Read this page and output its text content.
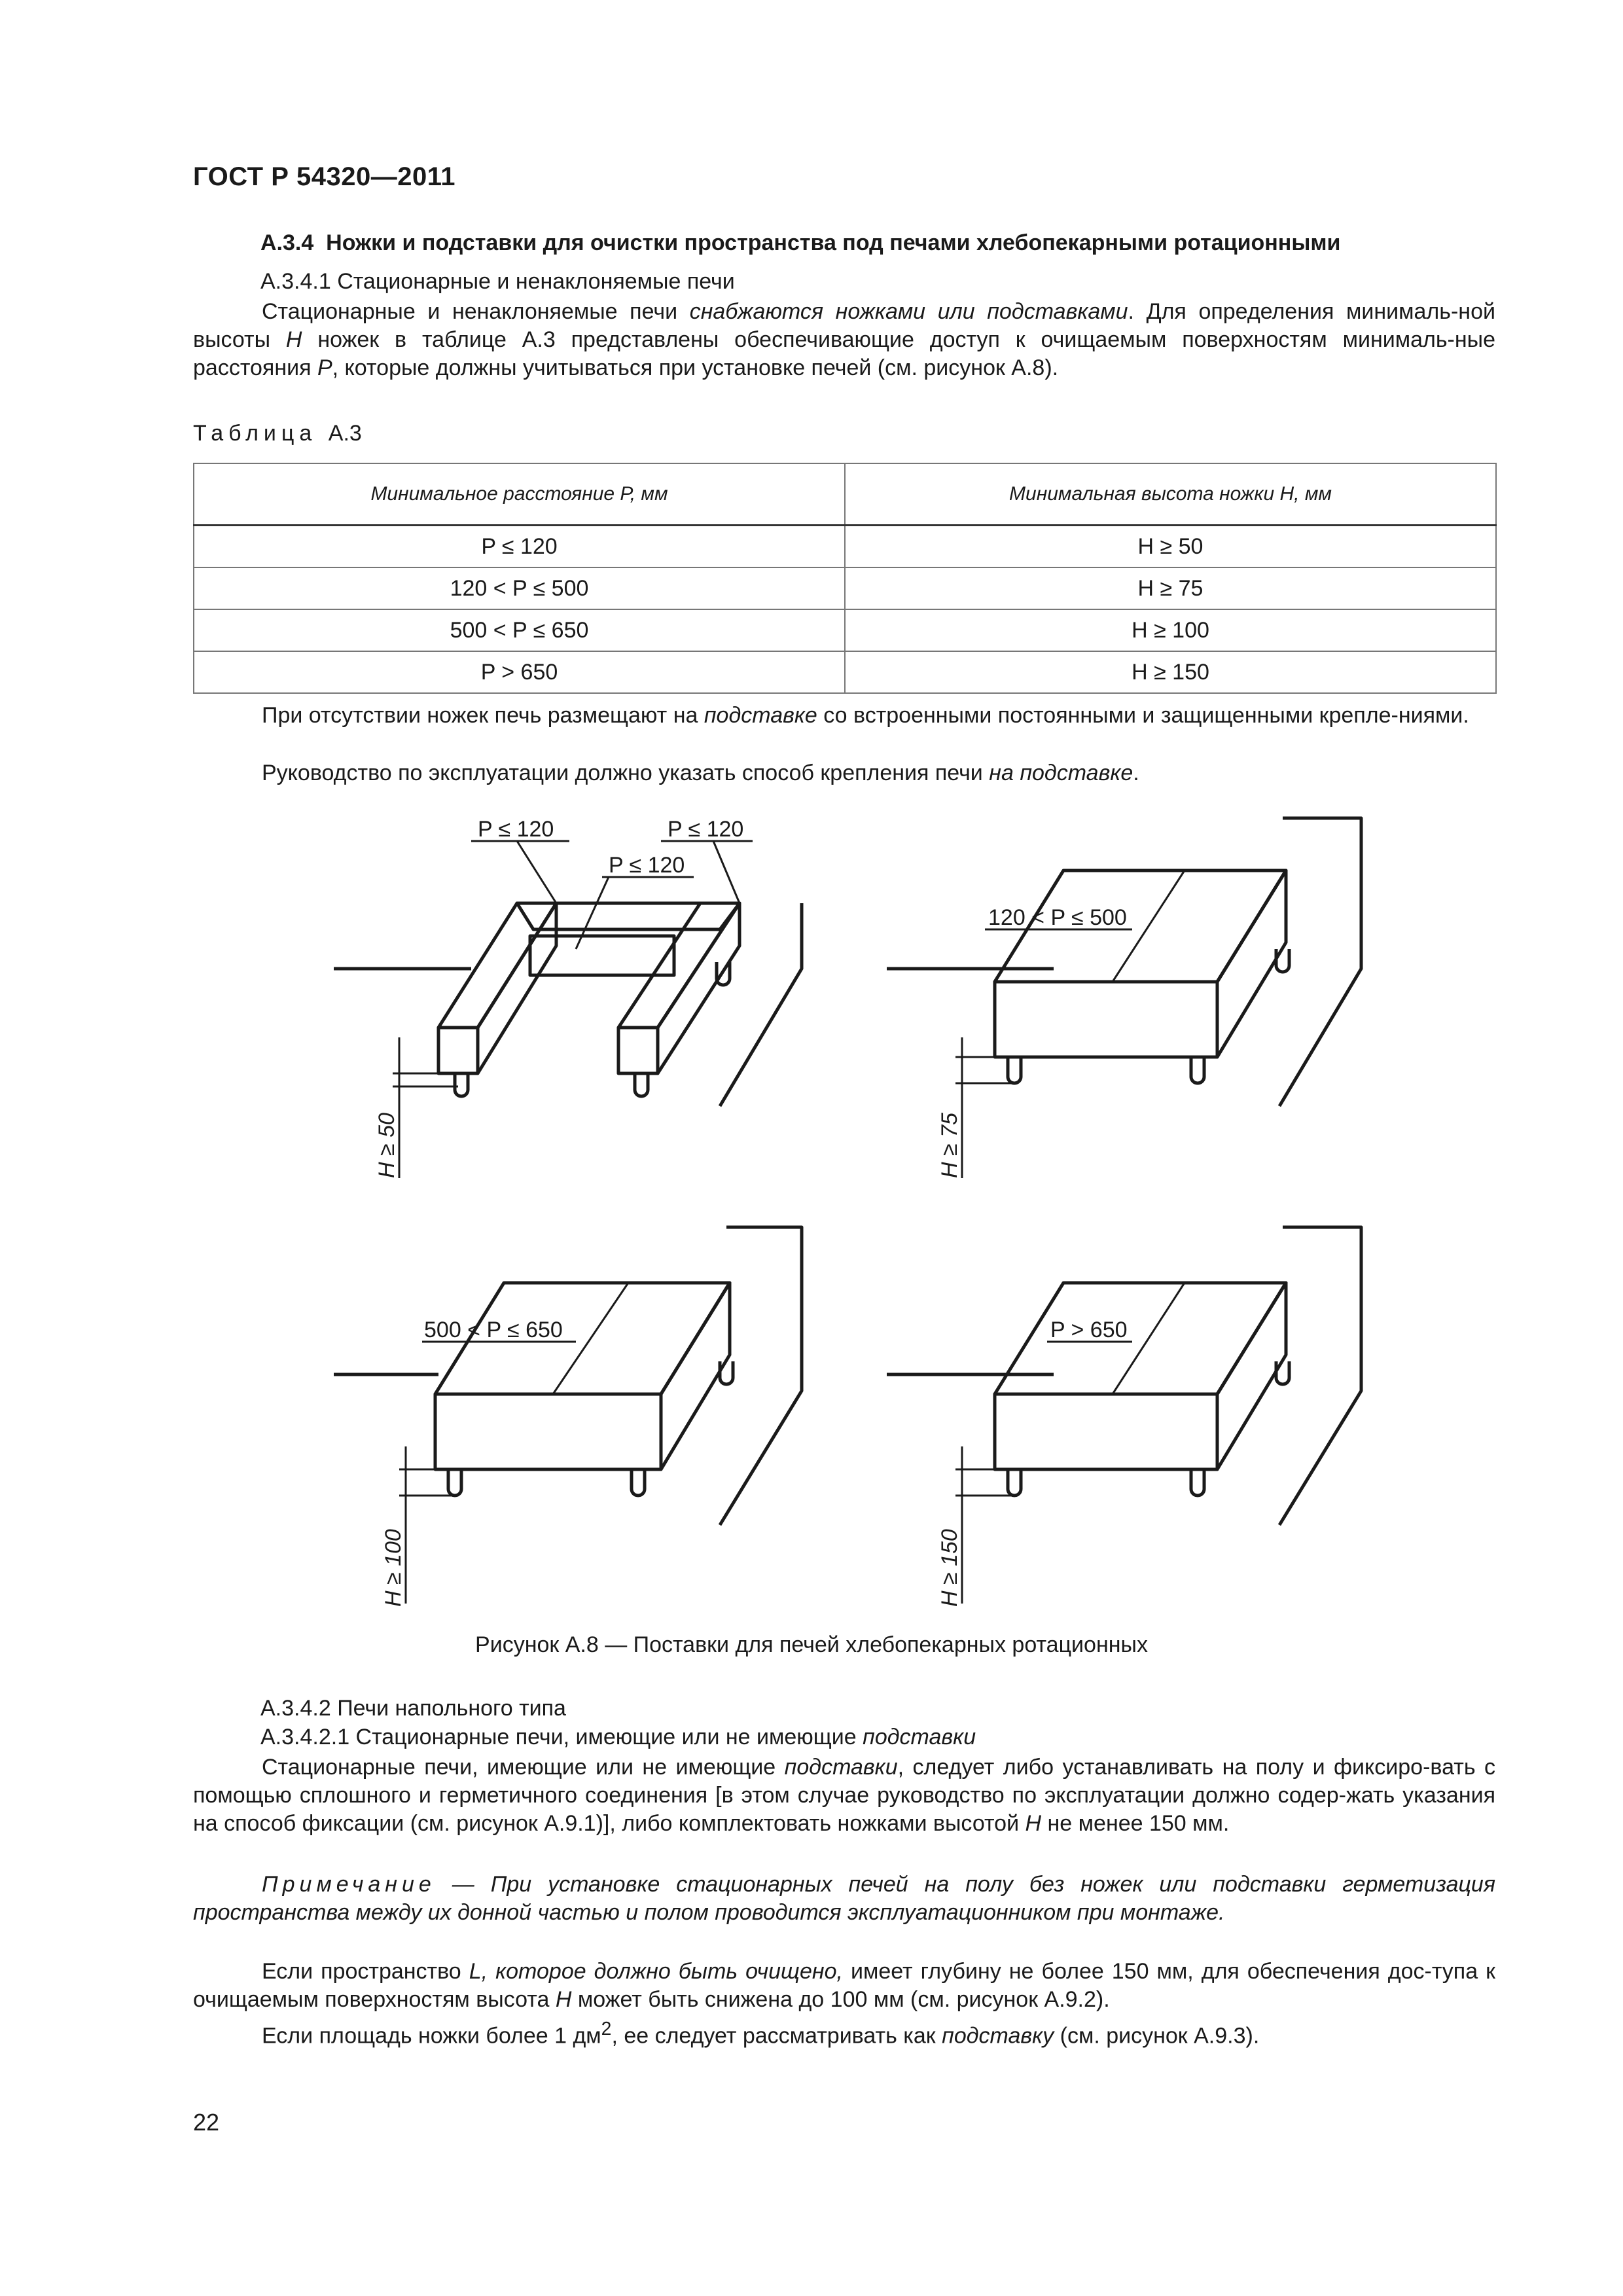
ГОСТ Р 54320—2011
А.3.4 Ножки и подставки для очистки пространства под печами хлебопекарными ротационными
А.3.4.1 Стационарные и ненаклоняемые печи
Стационарные и ненаклоняемые печи снабжаются ножками или подставками. Для определения минималь-ной высоты Н ножек в таблице А.3 представлены обеспечивающие доступ к очищаемым поверхностям минималь-ные расстояния Р, которые должны учитываться при установке печей (см. рисунок А.8).
Таблица А.3
Минимальное расстояние Р, мм	Минимальная высота ножки Н, мм
P ≤ 120	H ≥ 50
120 < P ≤ 500	H ≥ 75
500 < P ≤ 650	H ≥ 100
P > 650	H ≥ 150
При отсутствии ножек печь размещают на подставке со встроенными постоянными и защищенными крепле-ниями.
Руководство по эксплуатации должно указать способ крепления печи на подставке.
P ≤ 120	P ≤ 120
P ≤ 120
120 < P ≤ 500
500 < P ≤ 650	P > 650
H ≥ 50	H ≥ 75
H ≥ 100	H ≥ 150
Рисунок А.8 — Поставки для печей хлебопекарных ротационных
А.3.4.2 Печи напольного типа
А.3.4.2.1 Стационарные печи, имеющие или не имеющие подставки
Стационарные печи, имеющие или не имеющие подставки, следует либо устанавливать на полу и фиксиро-вать с помощью сплошного и герметичного соединения [в этом случае руководство по эксплуатации должно содер-жать указания на способ фиксации (см. рисунок А.9.1)], либо комплектовать ножками высотой Н не менее 150 мм.
Примечание — При установке стационарных печей на полу без ножек или подставки герметизация пространства между их донной частью и полом проводится эксплуатационником при монтаже.
Если пространство L, которое должно быть очищено, имеет глубину не более 150 мм, для обеспечения дос-тупа к очищаемым поверхностям высота Н может быть снижена до 100 мм (см. рисунок А.9.2).
Если площадь ножки более 1 $дм^2$, ее следует рассматривать как подставку (см. рисунок А.9.3).
22
